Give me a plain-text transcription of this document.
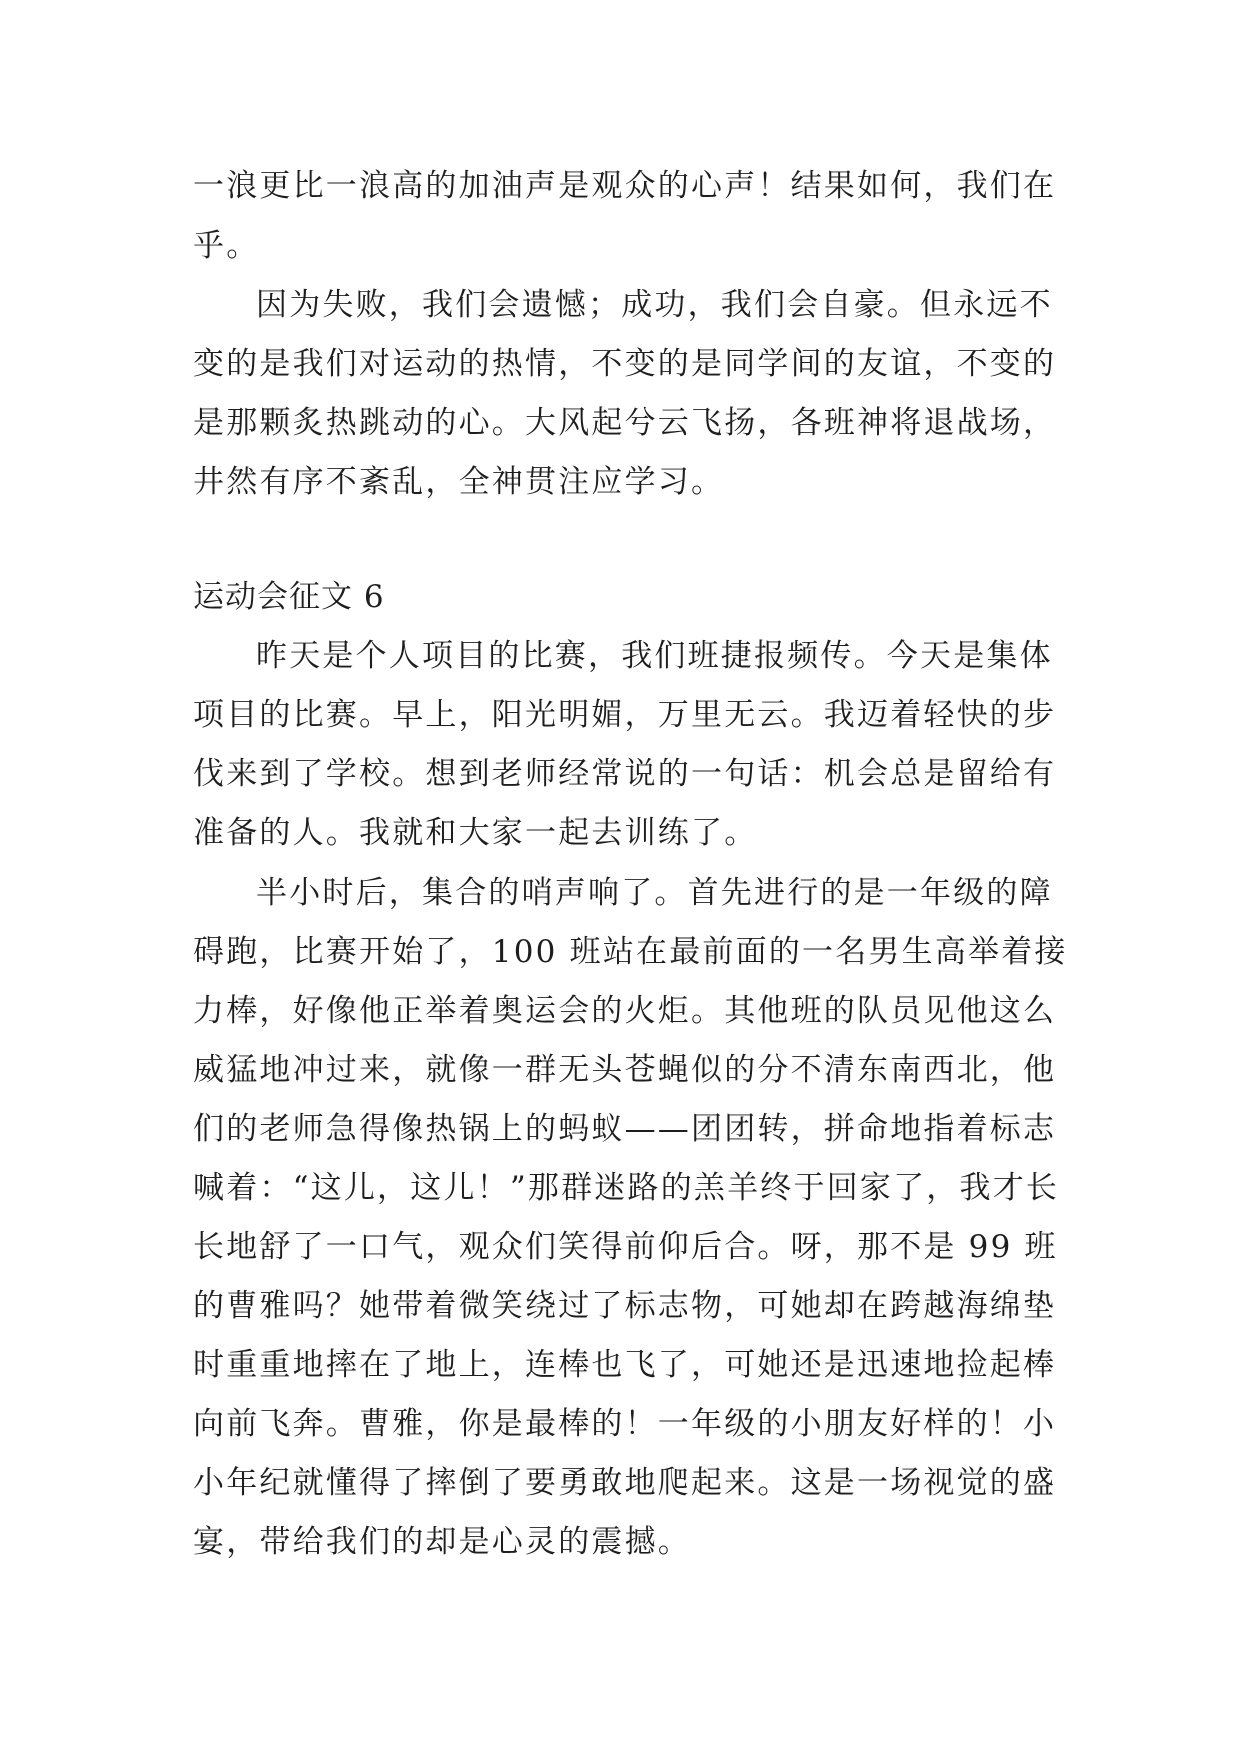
一浪更比一浪高的加油声是观众的心声！结果如何，我们在
乎。
因为失败，我们会遗憾；成功，我们会自豪。但永远不
变的是我们对运动的热情，不变的是同学间的友谊，不变的
是那颗炙热跳动的心。大风起兮云飞扬，各班神将退战场，
井然有序不紊乱，全神贯注应学习。
运动会征文 6
昨天是个人项目的比赛，我们班捷报频传。今天是集体
项目的比赛。早上，阳光明媚，万里无云。我迈着轻快的步
伐来到了学校。想到老师经常说的一句话：机会总是留给有
准备的人。我就和大家一起去训练了。
半小时后，集合的哨声响了。首先进行的是一年级的障
碍跑，比赛开始了，100 班站在最前面的一名男生高举着接
力棒，好像他正举着奥运会的火炬。其他班的队员见他这么
威猛地冲过来，就像一群无头苍蝇似的分不清东南西北，他
们的老师急得像热锅上的蚂蚁——团团转，拼命地指着标志
喊着：“这儿，这儿！”那群迷路的羔羊终于回家了，我才长
长地舒了一口气，观众们笑得前仰后合。呀，那不是 99 班
的曹雅吗？她带着微笑绕过了标志物，可她却在跨越海绵垫
时重重地摔在了地上，连棒也飞了，可她还是迅速地捡起棒
向前飞奔。曹雅，你是最棒的！一年级的小朋友好样的！小
小年纪就懂得了摔倒了要勇敢地爬起来。这是一场视觉的盛
宴，带给我们的却是心灵的震撼。
